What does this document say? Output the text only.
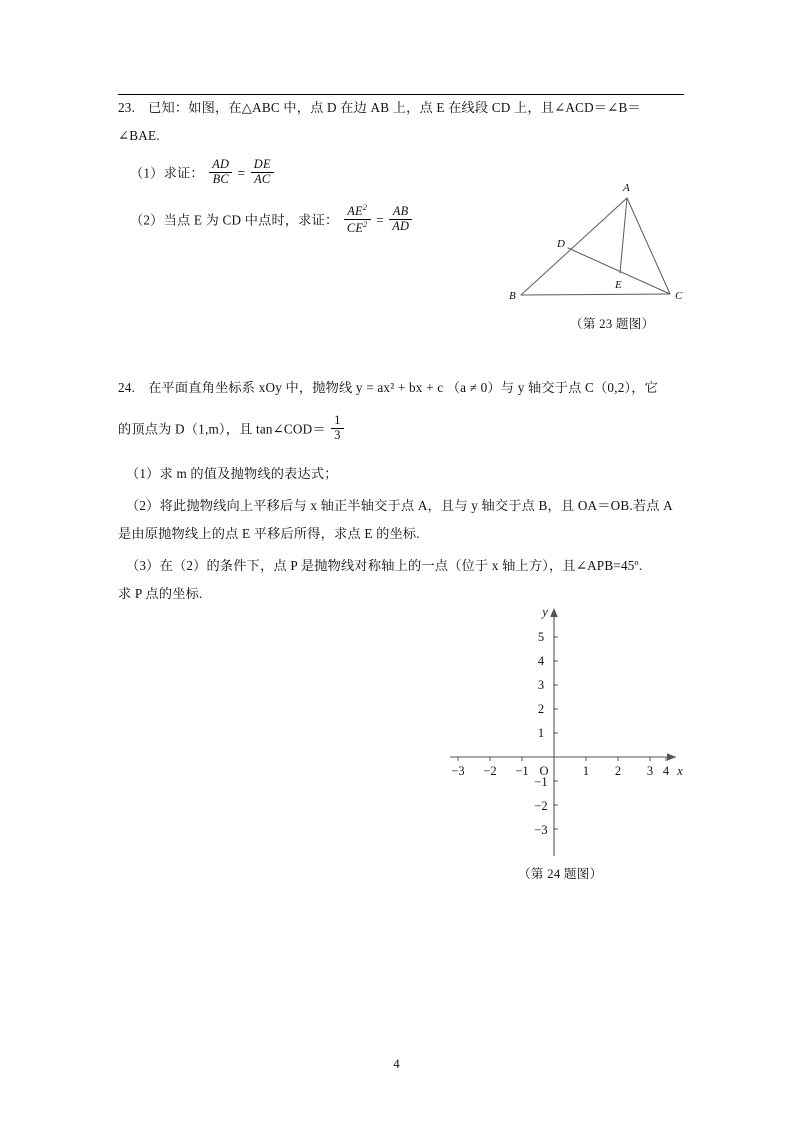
23. 已知：如图，在△ABC 中，点 D 在边 AB 上，点 E 在线段 CD 上，且∠ACD＝∠B＝
∠BAE.
（1）求证： $\frac{AD}{BC} = \frac{DE}{AC}$
（2）当点 E 为 CD 中点时，求证： $\frac{AE^2}{CE^2} = \frac{AB}{AD}$
A
B	C
D
E
（第 23 题图）
24. 在平面直角坐标系 xOy 中，抛物线 y = ax² + bx + c （a ≠ 0）与 y 轴交于点 C（0,2），它
的顶点为 D（1,m），且 tan∠COD＝ $\frac{1}{3}$
（1）求 m 的值及抛物线的表达式；
（2）将此抛物线向上平移后与 x 轴正半轴交于点 A，且与 y 轴交于点 B，且 OA＝OB.若点 A
是由原抛物线上的点 E 平移后所得，求点 E 的坐标.
（3）在（2）的条件下，点 P 是抛物线对称轴上的一点（位于 x 轴上方），且∠APB=45º.
求 P 点的坐标.
−3 −2 −1	1 2 3 4
5
4
3
2
1
−1
−2
−3
O	x
y
（第 24 题图）
4
